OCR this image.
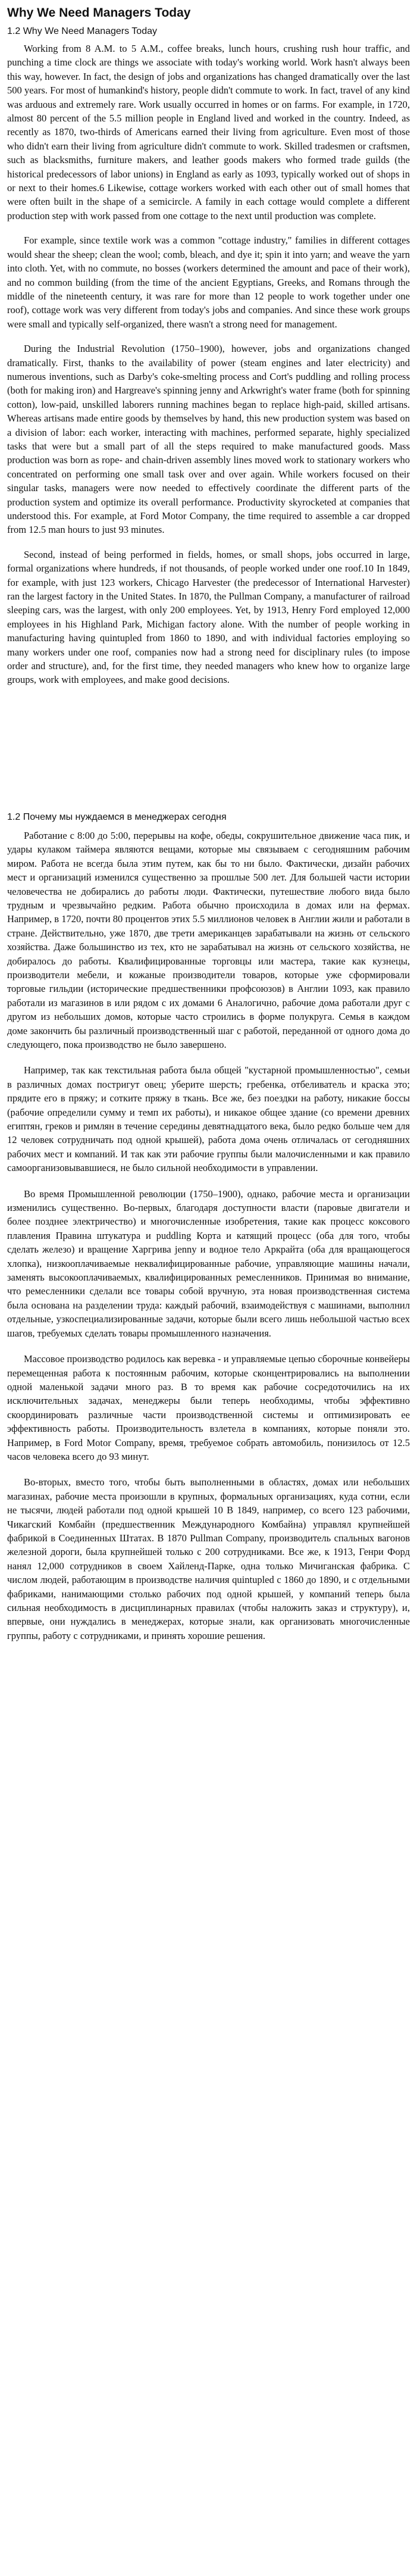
Why We Need Managers Today
1.2 Why We Need Managers Today

Working from 8 A.M. to 5 A.M., coffee breaks, lunch hours, crushing rush hour traffic, and punching a time clock are things we associate with today's working world. Work hasn't always been this way, however. In fact, the design of jobs and organizations has changed dramatically over the last 500 years. For most of humankind's history, people didn't commute to work. In fact, travel of any kind was arduous and extremely rare. Work usually occurred in homes or on farms. For example, in 1720, almost 80 percent of the 5.5 million people in England lived and worked in the country. Indeed, as recently as 1870, two-thirds of Americans earned their living from agriculture. Even most of those who didn't earn their living from agriculture didn't commute to work. Skilled tradesmen or craftsmen, such as blacksmiths, furniture makers, and leather goods makers who formed trade guilds (the historical predecessors of labor unions) in England as early as 1093, typically worked out of shops in or next to their homes.6 Likewise, cottage workers worked with each other out of small homes that were often built in the shape of a semicircle. A family in each cottage would complete a different production step with work passed from one cottage to the next until production was complete.

For example, since textile work was a common "cottage industry," families in different cottages would shear the sheep; clean the wool; comb, bleach, and dye it; spin it into yarn; and weave the yarn into cloth. Yet, with no commute, no bosses (workers determined the amount and pace of their work), and no common building (from the time of the ancient Egyptians, Greeks, and Romans through the middle of the nineteenth century, it was rare for more than 12 people to work together under one roof), cottage work was very different from today's jobs and companies. And since these work groups were small and typically self-organized, there wasn't a strong need for management.

During the Industrial Revolution (1750–1900), however, jobs and organizations changed dramatically. First, thanks to the availability of power (steam engines and later electricity) and numerous inventions, such as Darby's coke-smelting process and Cort's puddling and rolling process (both for making iron) and Hargreave's spinning jenny and Arkwright's water frame (both for spinning cotton), low-paid, unskilled laborers running machines began to replace high-paid, skilled artisans. Whereas artisans made entire goods by themselves by hand, this new production system was based on a division of labor: each worker, interacting with machines, performed separate, highly specialized tasks that were but a small part of all the steps required to make manufactured goods. Mass production was born as rope- and chain-driven assembly lines moved work to stationary workers who concentrated on performing one small task over and over again. While workers focused on their singular tasks, managers were now needed to effectively coordinate the different parts of the production system and optimize its overall performance. Productivity skyrocketed at companies that understood this. For example, at Ford Motor Company, the time required to assemble a car dropped from 12.5 man hours to just 93 minutes.

Second, instead of being performed in fields, homes, or small shops, jobs occurred in large, formal organizations where hundreds, if not thousands, of people worked under one roof.10 In 1849, for example, with just 123 workers, Chicago Harvester (the predecessor of International Harvester) ran the largest factory in the United States. In 1870, the Pullman Company, a manufacturer of railroad sleeping cars, was the largest, with only 200 employees. Yet, by 1913, Henry Ford employed 12,000 employees in his Highland Park, Michigan factory alone. With the number of people working in manufacturing having quintupled from 1860 to 1890, and with individual factories employing so many workers under one roof, companies now had a strong need for disciplinary rules (to impose order and structure), and, for the first time, they needed managers who knew how to organize large groups, work with employees, and make good decisions.

1.2 Почему мы нуждаемся в менеджерах сегодня

Работание с 8:00 до 5:00, перерывы на кофе, обеды, сокрушительное движение часа пик, и удары кулаком таймера являются вещами, которые мы связываем с сегодняшним рабочим миром. Работа не всегда была этим путем, как бы то ни было. Фактически, дизайн рабочих мест и организаций изменился существенно за прошлые 500 лет. Для большей части истории человечества не добирались до работы люди. Фактически, путешествие любого вида было трудным и чрезвычайно редким. Работа обычно происходила в домах или на фермах. Например, в 1720, почти 80 процентов этих 5.5 миллионов человек в Англии жили и работали в стране. Действительно, уже 1870, две трети американцев зарабатывали на жизнь от сельского хозяйства. Даже большинство из тех, кто не зарабатывал на жизнь от сельского хозяйства, не добиралось до работы. Квалифицированные торговцы или мастера, такие как кузнецы, производители мебели, и кожаные производители товаров, которые уже сформировали торговые гильдии (исторические предшественники профсоюзов) в Англии 1093, как правило работали из магазинов в или рядом с их домами 6 Аналогично, рабочие дома работали друг с другом из небольших домов, которые часто строились в форме полукруга. Семья в каждом доме закончить бы различный производственный шаг с работой, переданной от одного дома до следующего, пока производство не было завершено.

Например, так как текстильная работа была общей "кустарной промышленностью", семьи в различных домах постригут овец; уберите шерсть; гребенка, отбеливатель и краска это; прядите его в пряжу; и сотките пряжу в ткань. Все же, без поездки на работу, никакие боссы (рабочие определили сумму и темп их работы), и никакое общее здание (со времени древних египтян, греков и римлян в течение середины девятнадцатого века, было редко больше чем для 12 человек сотрудничать под одной крышей), работа дома очень отличалась от сегодняшних рабочих мест и компаний. И так как эти рабочие группы были малочисленными и как правило самоорганизовывавшиеся, не было сильной необходимости в управлении.

Во время Промышленной революции (1750–1900), однако, рабочие места и организации изменились существенно. Во-первых, благодаря доступности власти (паровые двигатели и более позднее электричество) и многочисленные изобретения, такие как процесс коксового плавления Правина штукатура и puddling Корта и катящий процесс (оба для того, чтобы сделать железо) и вращение Харгрива jenny и водное тело Аркрайта (оба для вращающегося хлопка), низкооплачиваемые неквалифицированные рабочие, управляющие машины начали, заменять высокооплачиваемых, квалифицированных ремесленников. Принимая во внимание, что ремесленники сделали все товары собой вручную, эта новая производственная система была основана на разделении труда: каждый рабочий, взаимодействуя с машинами, выполнил отдельные, узкоспециализированные задачи, которые были всего лишь небольшой частью всех шагов, требуемых сделать товары промышленного назначения.

Массовое производство родилось как веревка - и управляемые цепью сборочные конвейеры перемещенная работа к постоянным рабочим, которые сконцентрировались на выполнении одной маленькой задачи много раз. В то время как рабочие сосредоточились на их исключительных задачах, менеджеры были теперь необходимы, чтобы эффективно скоординировать различные части производственной системы и оптимизировать ее эффективность работы. Производительность взлетела в компаниях, которые поняли это. Например, в Ford Motor Company, время, требуемое собрать автомобиль, понизилось от 12.5 часов человека всего до 93 минут.

Во-вторых, вместо того, чтобы быть выполненными в областях, домах или небольших магазинах, рабочие места произошли в крупных, формальных организациях, куда сотни, если не тысячи, людей работали под одной крышей 10 В 1849, например, со всего 123 рабочими, Чикагский Комбайн (предшественник Международного Комбайна) управлял крупнейшей фабрикой в Соединенных Штатах. В 1870 Pullman Company, производитель спальных вагонов железной дороги, была крупнейшей только с 200 сотрудниками. Все же, к 1913, Генри Форд нанял 12,000 сотрудников в своем Хайленд-Парке, одна только Мичиганская фабрика. С числом людей, работающим в производстве наличия quintupled с 1860 до 1890, и с отдельными фабриками, нанимающими столько рабочих под одной крышей, у компаний теперь была сильная необходимость в дисциплинарных правилах (чтобы наложить заказ и структуру), и, впервые, они нуждались в менеджерах, которые знали, как организовать многочисленные группы, работу с сотрудниками, и принять хорошие решения.
